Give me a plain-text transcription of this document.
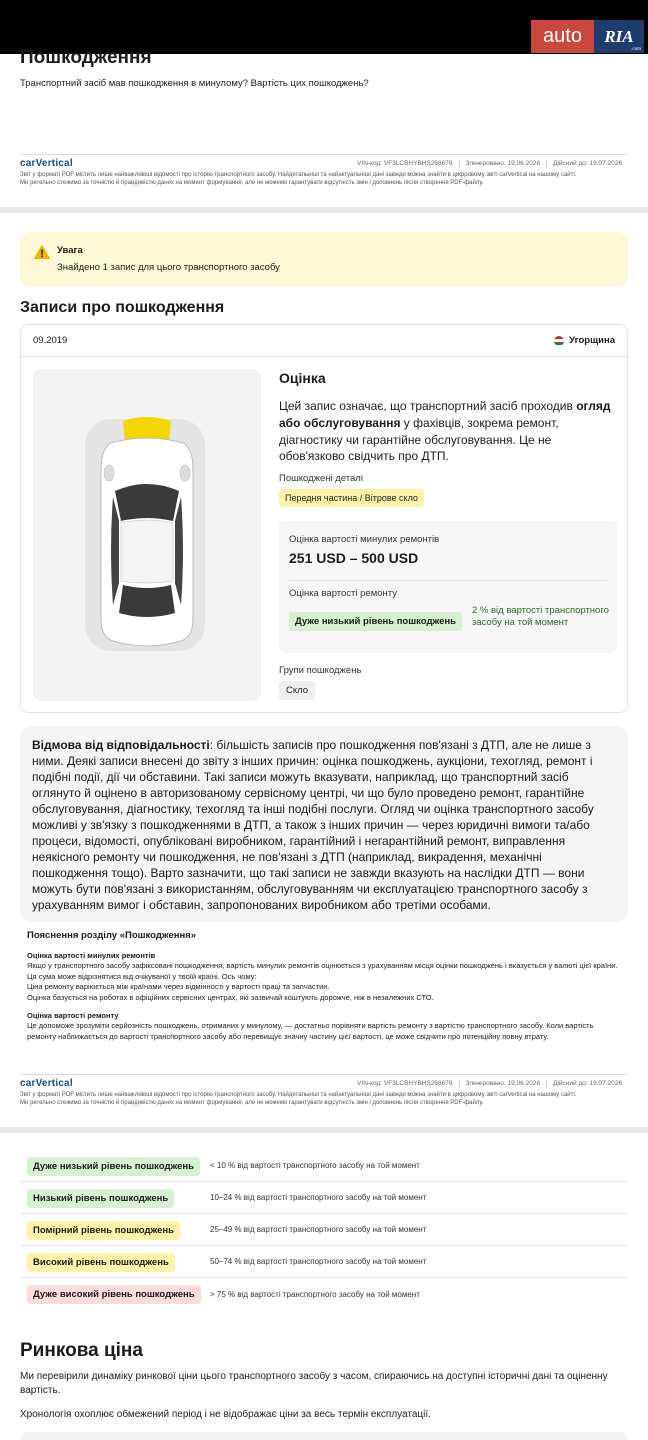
auto	RIA
.com
Пошкодження
Транспортний засіб мав пошкодження в минулому? Вартість цих пошкоджень?
carVertical	VIN-код: VF3LCBHYBHS268679	Згенеровано: 19.06.2026	Дійсний до: 19.07.2026
Звіт у форматі PDF містить лише найважливіші відомості про історію транспортного засобу. Найдетальніші та найактуальніші дані завжди можна знайти в цифровому звіті carVertical на нашому сайті.
Ми ретельно стежимо за точністю й правдивістю даних на момент формування, але не можемо гарантувати відсутність змін і доповнень після створення PDF-файлу.
Увага
Знайдено 1 запис для цього транспортного засобу
Записи про пошкодження
09.2019	Угорщина
Оцінка
Цей запис означає, що транспортний засіб проходив огляд або обслуговування у фахівців, зокрема ремонт, діагностику чи гарантійне обслуговування. Це не обов'язково свідчить про ДТП.
Пошкоджені деталі
Передня частина / Вітрове скло
Оцінка вартості минулих ремонтів
251 USD – 500 USD
Оцінка вартості ремонту
Дуже низький рівень пошкоджень
2 % від вартості транспортного засобу на той момент
Групи пошкоджень
Скло
Відмова від відповідальності: більшість записів про пошкодження пов'язані з ДТП, але не лише з ними. Деякі записи внесені до звіту з інших причин: оцінка пошкоджень, аукціони, техогляд, ремонт і подібні події, дії чи обставини. Такі записи можуть вказувати, наприклад, що транспортний засіб оглянуто й оцінено в авторизованому сервісному центрі, чи що було проведено ремонт, гарантійне обслуговування, діагностику, техогляд та інші подібні послуги. Огляд чи оцінка транспортного засобу можливі у зв'язку з пошкодженнями в ДТП, а також з інших причин — через юридичні вимоги та/або процеси, відомості, опубліковані виробником, гарантійний і негарантійний ремонт, виправлення неякісного ремонту чи пошкодження, не пов'язані з ДТП (наприклад, викрадення, механічні пошкодження тощо). Варто зазначити, що такі записи не завжди вказують на наслідки ДТП — вони можуть бути пов'язані з використанням, обслуговуванням чи експлуатацією транспортного засобу з урахуванням вимог і обставин, запропонованих виробником або третіми особами.
Пояснення розділу «Пошкодження»
Оцінка вартості минулих ремонтів
Якщо у транспортного засобу зафіксовані пошкодження, вартість минулих ремонтів оцінюється з урахуванням місця оцінки пошкоджень і вказується у валюті цієї країни. Ця сума може відрізнятися від очікуваної у твоїй країні. Ось чому:
Ціна ремонту варіюється між країнами через відмінності у вартості праці та запчастин.
Оцінка базується на роботах в офіційних сервісних центрах, які зазвичай коштують дорожче, ніж в незалежних СТО.
Оцінка вартості ремонту
Це допоможе зрозуміти серйозність пошкоджень, отриманих у минулому, — достатньо порівняти вартість ремонту з вартістю транспортного засобу. Коли вартість ремонту наближається до вартості транспортного засобу або перевищує значну частину цієї вартості, це може свідчити про потенційну повну втрату.
carVertical	VIN-код: VF3LCBHYBHS268679	Згенеровано: 19.06.2026	Дійсний до: 19.07.2026
Звіт у форматі PDF містить лише найважливіші відомості про історію транспортного засобу. Найдетальніші та найактуальніші дані завжди можна знайти в цифровому звіті carVertical на нашому сайті.
Ми ретельно стежимо за точністю й правдивістю даних на момент формування, але не можемо гарантувати відсутність змін і доповнень після створення PDF-файлу.
Дуже низький рівень пошкоджень	< 10 % від вартості транспортного засобу на той момент
Низький рівень пошкоджень	10–24 % від вартості транспортного засобу на той момент
Помірний рівень пошкоджень	25–49 % від вартості транспортного засобу на той момент
Високий рівень пошкоджень	50–74 % від вартості транспортного засобу на той момент
Дуже високий рівень пошкоджень	> 75 % від вартості транспортного засобу на той момент
Ринкова ціна
Ми перевірили динаміку ринкової ціни цього транспортного засобу з часом, спираючись на доступні історичні дані та оціненну вартість.
Хронологія охоплює обмежений період і не відображає ціни за весь термін експлуатації.
